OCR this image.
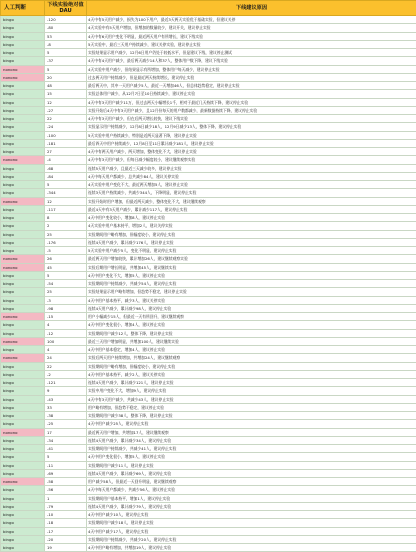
人工判断	下线实验绝对值DAU	下线建议原因
bingo	-120	4天中有5天用户减少，损失为100下用户，最近3天两天实验优于基础实验，但建议关停
bingo	-80	4天实验中有5天用户增加，但增加的数量较少，建议开关，建议停止实验
bingo	53	4天中有6天用户变化不明显，最近两天用户有所增长，建议下线实验
bingo	-8	5天实验中，最后三天用户持续减少，建议关停实验，建议停止实验
bingo	5	实验结果显示用户减少，12月6日用户仍处于较低水平，但是建议下线，建议停止测试
bingo	-37	4天中有4天用户减少，最后两天减少14人和37人，整体用户数下降，建议下线实验
nonono	5	4天实验中用户减少，但结果显示有所增加，整体用户每天减少，建议停止实验
nonono	20	过去两天用户持续减少，但是最近两天持续增长，建议停止实验
bingo	48	最后两天中，其中一天用户减少5人，最近一天增加46人，但总体趋势稳定，建议停止实验
bingo	15	实验总体用户减少，从12月7日至10日持续减少，建议停止实验
bingo	12	4天中有3天用户减少11万，但过去两天小幅增长1千，相对于最近几天持续下降，建议停止实验
bingo	-27	实验开始后4天中有3天用户减少，且12月份每天的用户数都减少，最新数据持续下降，建议停止实验
bingo	22	4天中有3天用户减少，但在后两天增长较快，建议下线实验
bingo	-24	实验显示用户持续减少，12月8日减少18人，12月9日减少13人，整体下降，建议停止实验
bingo	-100	5天实验中用户持续减少，特别是近两天显著下降，建议停止实验
bingo	-181	最后四天中用户持续减少，12月8日至11日累计减少181人，建议停止实验
bingo	27	4天中有两天用户减少，两天增加，整体变化不大，建议停止实验
nonono	-4	4天中有3天用户减少，但每日减少幅度较小，建议继续观察实验
bingo	-68	连续5天用户减少，且最近三天减少较多，建议停止实验
bingo	-84	4天中每天用户都减少，总共减少84人，建议关停实验
bingo	5	4天实验中用户变化不大，最近两天增加5人，建议停止实验
bingo	-344	连续3天用户持续减少，共减少344人，下降明显，建议停止实验
nonono	12	实验开始时用户增加，但最近两天减少，整体变化不大，建议继续观察
bingo	-117	最近4天中有3天用户减少，累计减少117人，建议停止实验
bingo	8	4天中用户变化较小，增加8人，建议停止实验
bingo	2	4天实验中用户基本持平，增加2人，建议关停实验
bingo	25	实验期间用户略有增加，但幅度较小，建议停止实验
bingo	-176	连续4天用户减少，累计减少176人，建议停止实验
bingo	-5	5天实验中用户减少5人，变化不明显，建议停止实验
nonono	26	最近两天用户增加较快，累计增加26人，建议继续观察实验
nonono	45	实验后期用户增长明显，共增加45人，建议继续实验
bingo	5	4天中用户变化不大，增加5人，建议停止实验
bingo	-54	实验期间用户持续减少，共减少54人，建议停止实验
bingo	25	实验结果显示用户略有增加，但趋势不稳定，建议停止实验
bingo	-3	4天中用户基本持平，减少3人，建议关停实验
bingo	-98	连续4天用户减少，累计减少98人，建议停止实验
nonono	-15	用户小幅减少15人，但最近一天有所回升，建议继续观察
bingo	4	4天中用户变化很小，增加4人，建议停止实验
bingo	-12	实验期间用户减少12人，整体下降，建议停止实验
nonono	100	最近三天用户增加明显，共增加100人，建议继续实验
bingo	4	4天中用户基本稳定，增加4人，建议停止实验
nonono	24	实验后两天用户持续增加，共增加24人，建议继续观察
bingo	22	实验期间用户略有增加，但幅度较小，建议停止实验
bingo	-2	4天中用户基本持平，减少2人，建议关停实验
bingo	-121	连续4天用户减少，累计减少121人，建议停止实验
bingo	9	实验中用户变化不大，增加9人，建议停止实验
bingo	-43	4天中有3天用户减少，共减少43人，建议停止实验
bingo	33	用户略有增加，但趋势不稳定，建议停止实验
bingo	-38	实验期间用户减少38人，整体下降，建议停止实验
bingo	-25	4天中用户减少25人，建议停止实验
nonono	17	最近两天用户增加，共增加17人，建议继续观察
bingo	-34	连续4天用户减少，累计减少34人，建议停止实验
bingo	-41	实验期间用户持续减少，共减少41人，建议停止实验
bingo	5	4天中用户变化很小，增加5人，建议停止实验
bingo	-11	实验期间用户减少11人，建议停止实验
bingo	-69	连续4天用户减少，累计减少69人，建议停止实验
nonono	-58	用户减少58人，但最近一天回升明显，建议继续观察
bingo	-56	4天中每天用户都减少，共减少56人，建议停止实验
bingo	1	实验期间用户基本持平，增加1人，建议停止实验
bingo	-79	连续4天用户减少，累计减少79人，建议停止实验
bingo	-10	4天中用户减少10人，建议停止实验
bingo	-18	实验期间用户减少18人，建议停止实验
bingo	-17	4天中用户减少17人，建议停止实验
bingo	-20	实验期间用户持续减少，共减少20人，建议停止实验
bingo	19	4天中用户略有增加，共增加19人，建议停止实验
